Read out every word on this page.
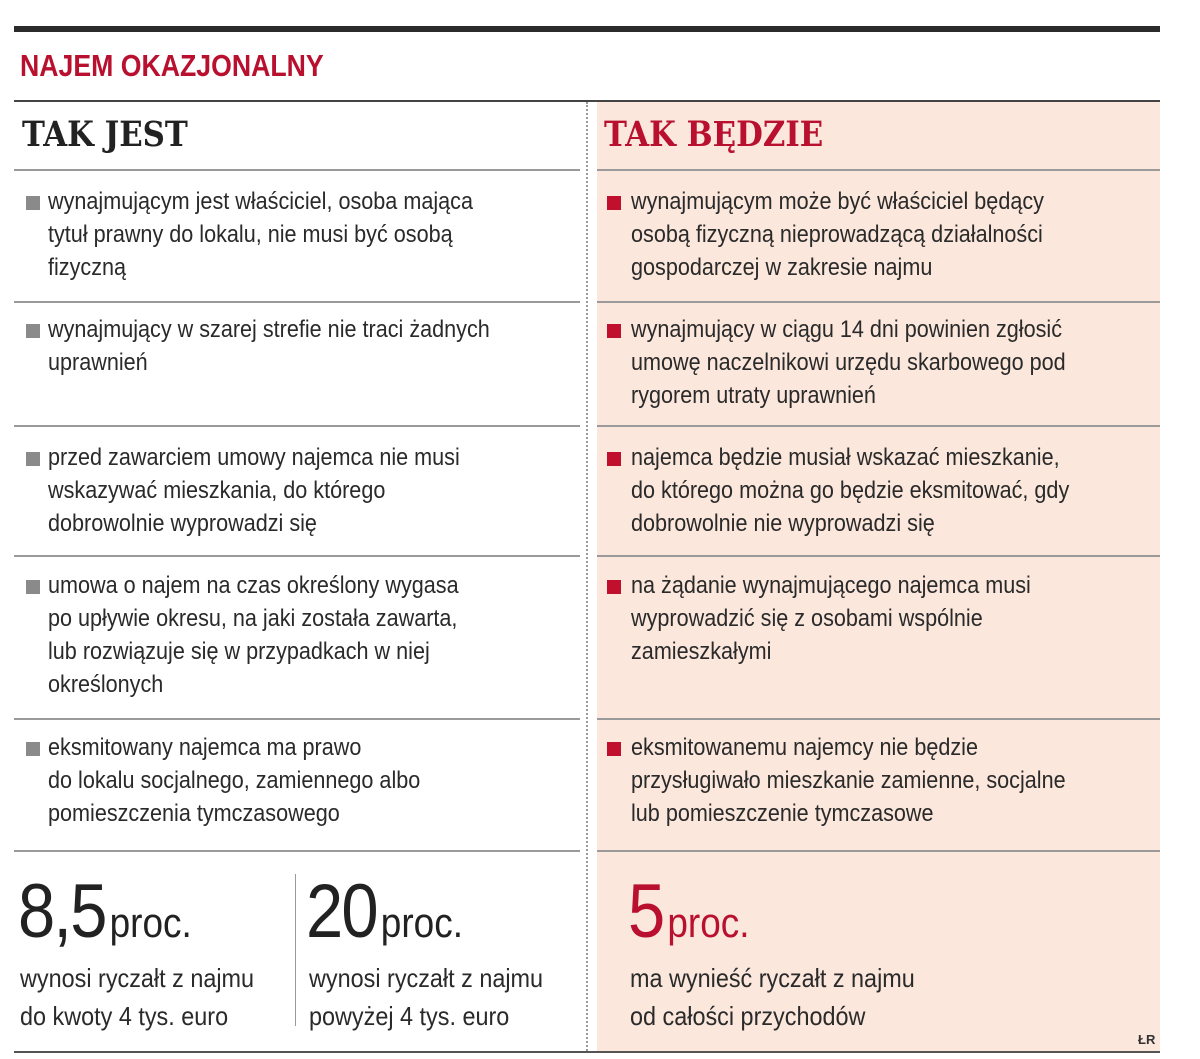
NAJEM OKAZJONALNY
TAK JEST	TAK BĘDZIE
wynajmującym jest właściciel, osoba mająca
tytuł prawny do lokalu, nie musi być osobą
fizyczną
wynajmującym może być właściciel będący
osobą fizyczną nieprowadzącą działalności
gospodarczej w zakresie najmu
wynajmujący w szarej strefie nie traci żadnych
uprawnień
wynajmujący w ciągu 14 dni powinien zgłosić
umowę naczelnikowi urzędu skarbowego pod
rygorem utraty uprawnień
przed zawarciem umowy najemca nie musi
wskazywać mieszkania, do którego
dobrowolnie wyprowadzi się
najemca będzie musiał wskazać mieszkanie,
do którego można go będzie eksmitować, gdy
dobrowolnie nie wyprowadzi się
umowa o najem na czas określony wygasa
po upływie okresu, na jaki została zawarta,
lub rozwiązuje się w przypadkach w niej
określonych
na żądanie wynajmującego najemca musi
wyprowadzić się z osobami wspólnie
zamieszkałymi
eksmitowany najemca ma prawo
do lokalu socjalnego, zamiennego albo
pomieszczenia tymczasowego
eksmitowanemu najemcy nie będzie
przysługiwało mieszkanie zamienne, socjalne
lub pomieszczenie tymczasowe
8,5 proc.
wynosi ryczałt z najmu
do kwoty 4 tys. euro
20 proc.
wynosi ryczałt z najmu
powyżej 4 tys. euro
5 proc.
ma wynieść ryczałt z najmu
od całości przychodów
ŁR
